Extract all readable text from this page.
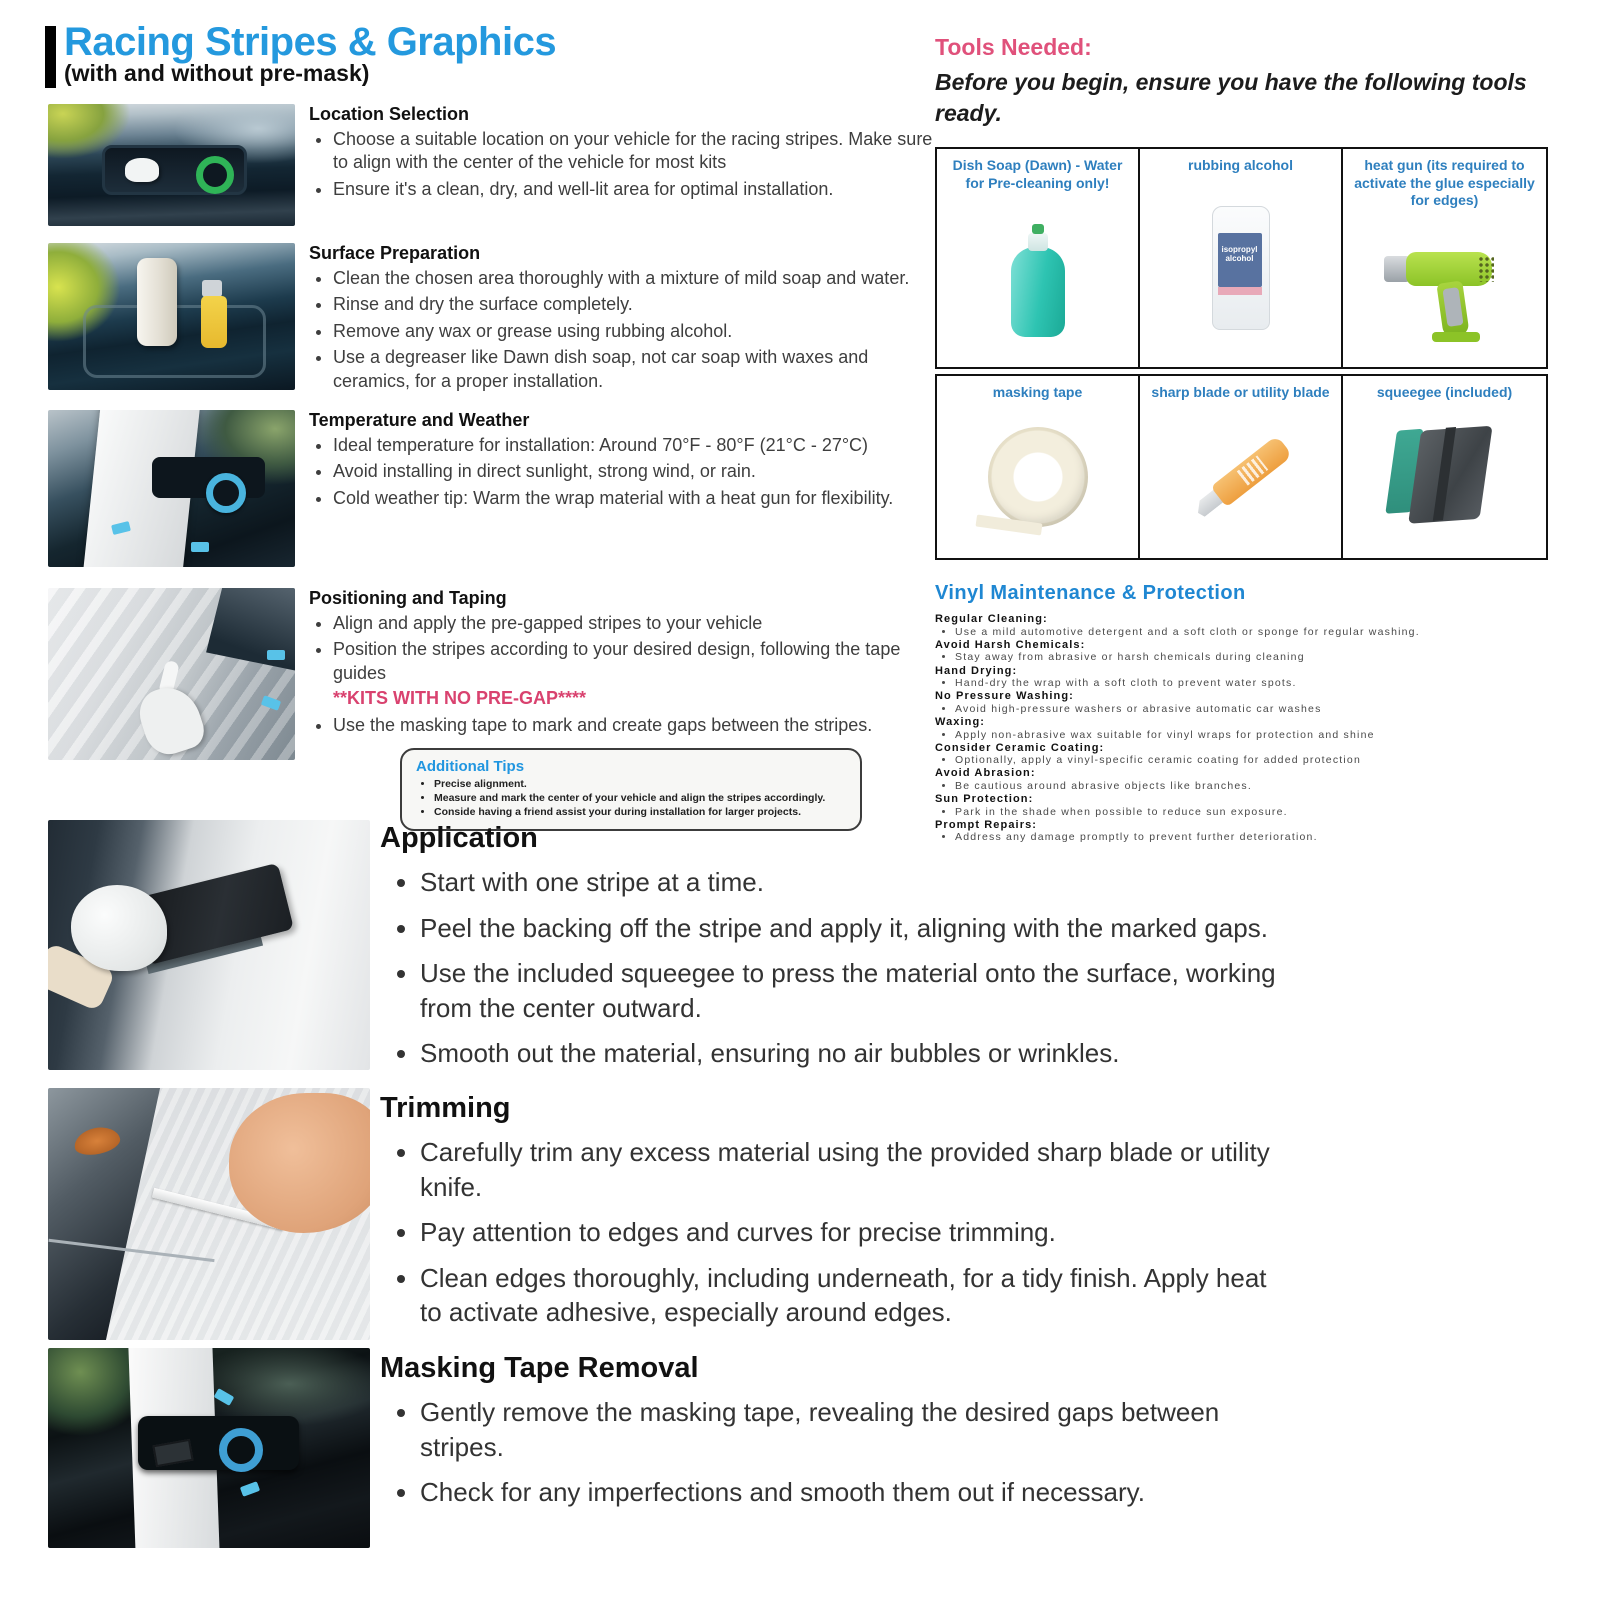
Racing Stripes & Graphics
(with and without pre-mask)
Location Selection
• Choose a suitable location on your vehicle for the racing stripes. Make sure to align with the center of the vehicle for most kits
• Ensure it's a clean, dry, and well-lit area for optimal installation.
Surface Preparation
• Clean the chosen area thoroughly with a mixture of mild soap and water.
• Rinse and dry the surface completely.
• Remove any wax or grease using rubbing alcohol.
• Use a degreaser like Dawn dish soap, not car soap with waxes and ceramics, for a proper installation.
Temperature and Weather
• Ideal temperature for installation: Around 70°F - 80°F (21°C - 27°C)
• Avoid installing in direct sunlight, strong wind, or rain.
• Cold weather tip: Warm the wrap material with a heat gun for flexibility.
Positioning and Taping
• Align and apply the pre-gapped stripes to your vehicle
• Position the stripes according to your desired design, following the tape guides
**KITS WITH NO PRE-GAP****
• Use the masking tape to mark and create gaps between the stripes.
Additional Tips
• Precise alignment.
• Measure and mark the center of your vehicle and align the stripes accordingly.
• Conside having a friend assist your during installation for larger projects.
Tools Needed:

Before you begin, ensure you have the following tools ready.

Dish Soap (Dawn) - Water for Pre-cleaning only!
rubbing alcohol
isopropyl alcohol
heat gun (its required to activate the glue especially for edges)
masking tape	sharp blade or utility blade	squeegee (included)
Vinyl Maintenance & Protection
Regular Cleaning:
• Use a mild automotive detergent and a soft cloth or sponge for regular washing.
Avoid Harsh Chemicals:
• Stay away from abrasive or harsh chemicals during cleaning
Hand Drying:
• Hand-dry the wrap with a soft cloth to prevent water spots.
No Pressure Washing:
• Avoid high-pressure washers or abrasive automatic car washes
Waxing:
• Apply non-abrasive wax suitable for vinyl wraps for protection and shine
Consider Ceramic Coating:
• Optionally, apply a vinyl-specific ceramic coating for added protection
Avoid Abrasion:
• Be cautious around abrasive objects like branches.
Sun Protection:
• Park in the shade when possible to reduce sun exposure.
Prompt Repairs:
• Address any damage promptly to prevent further deterioration.
Application
• Start with one stripe at a time.
• Peel the backing off the stripe and apply it, aligning with the marked gaps.
• Use the included squeegee to press the material onto the surface, working from the center outward.
• Smooth out the material, ensuring no air bubbles or wrinkles.
Trimming
• Carefully trim any excess material using the provided sharp blade or utility knife.
• Pay attention to edges and curves for precise trimming.
• Clean edges thoroughly, including underneath, for a tidy finish. Apply heat to activate adhesive, especially around edges.
Masking Tape Removal
• Gently remove the masking tape, revealing the desired gaps between stripes.
• Check for any imperfections and smooth them out if necessary.
